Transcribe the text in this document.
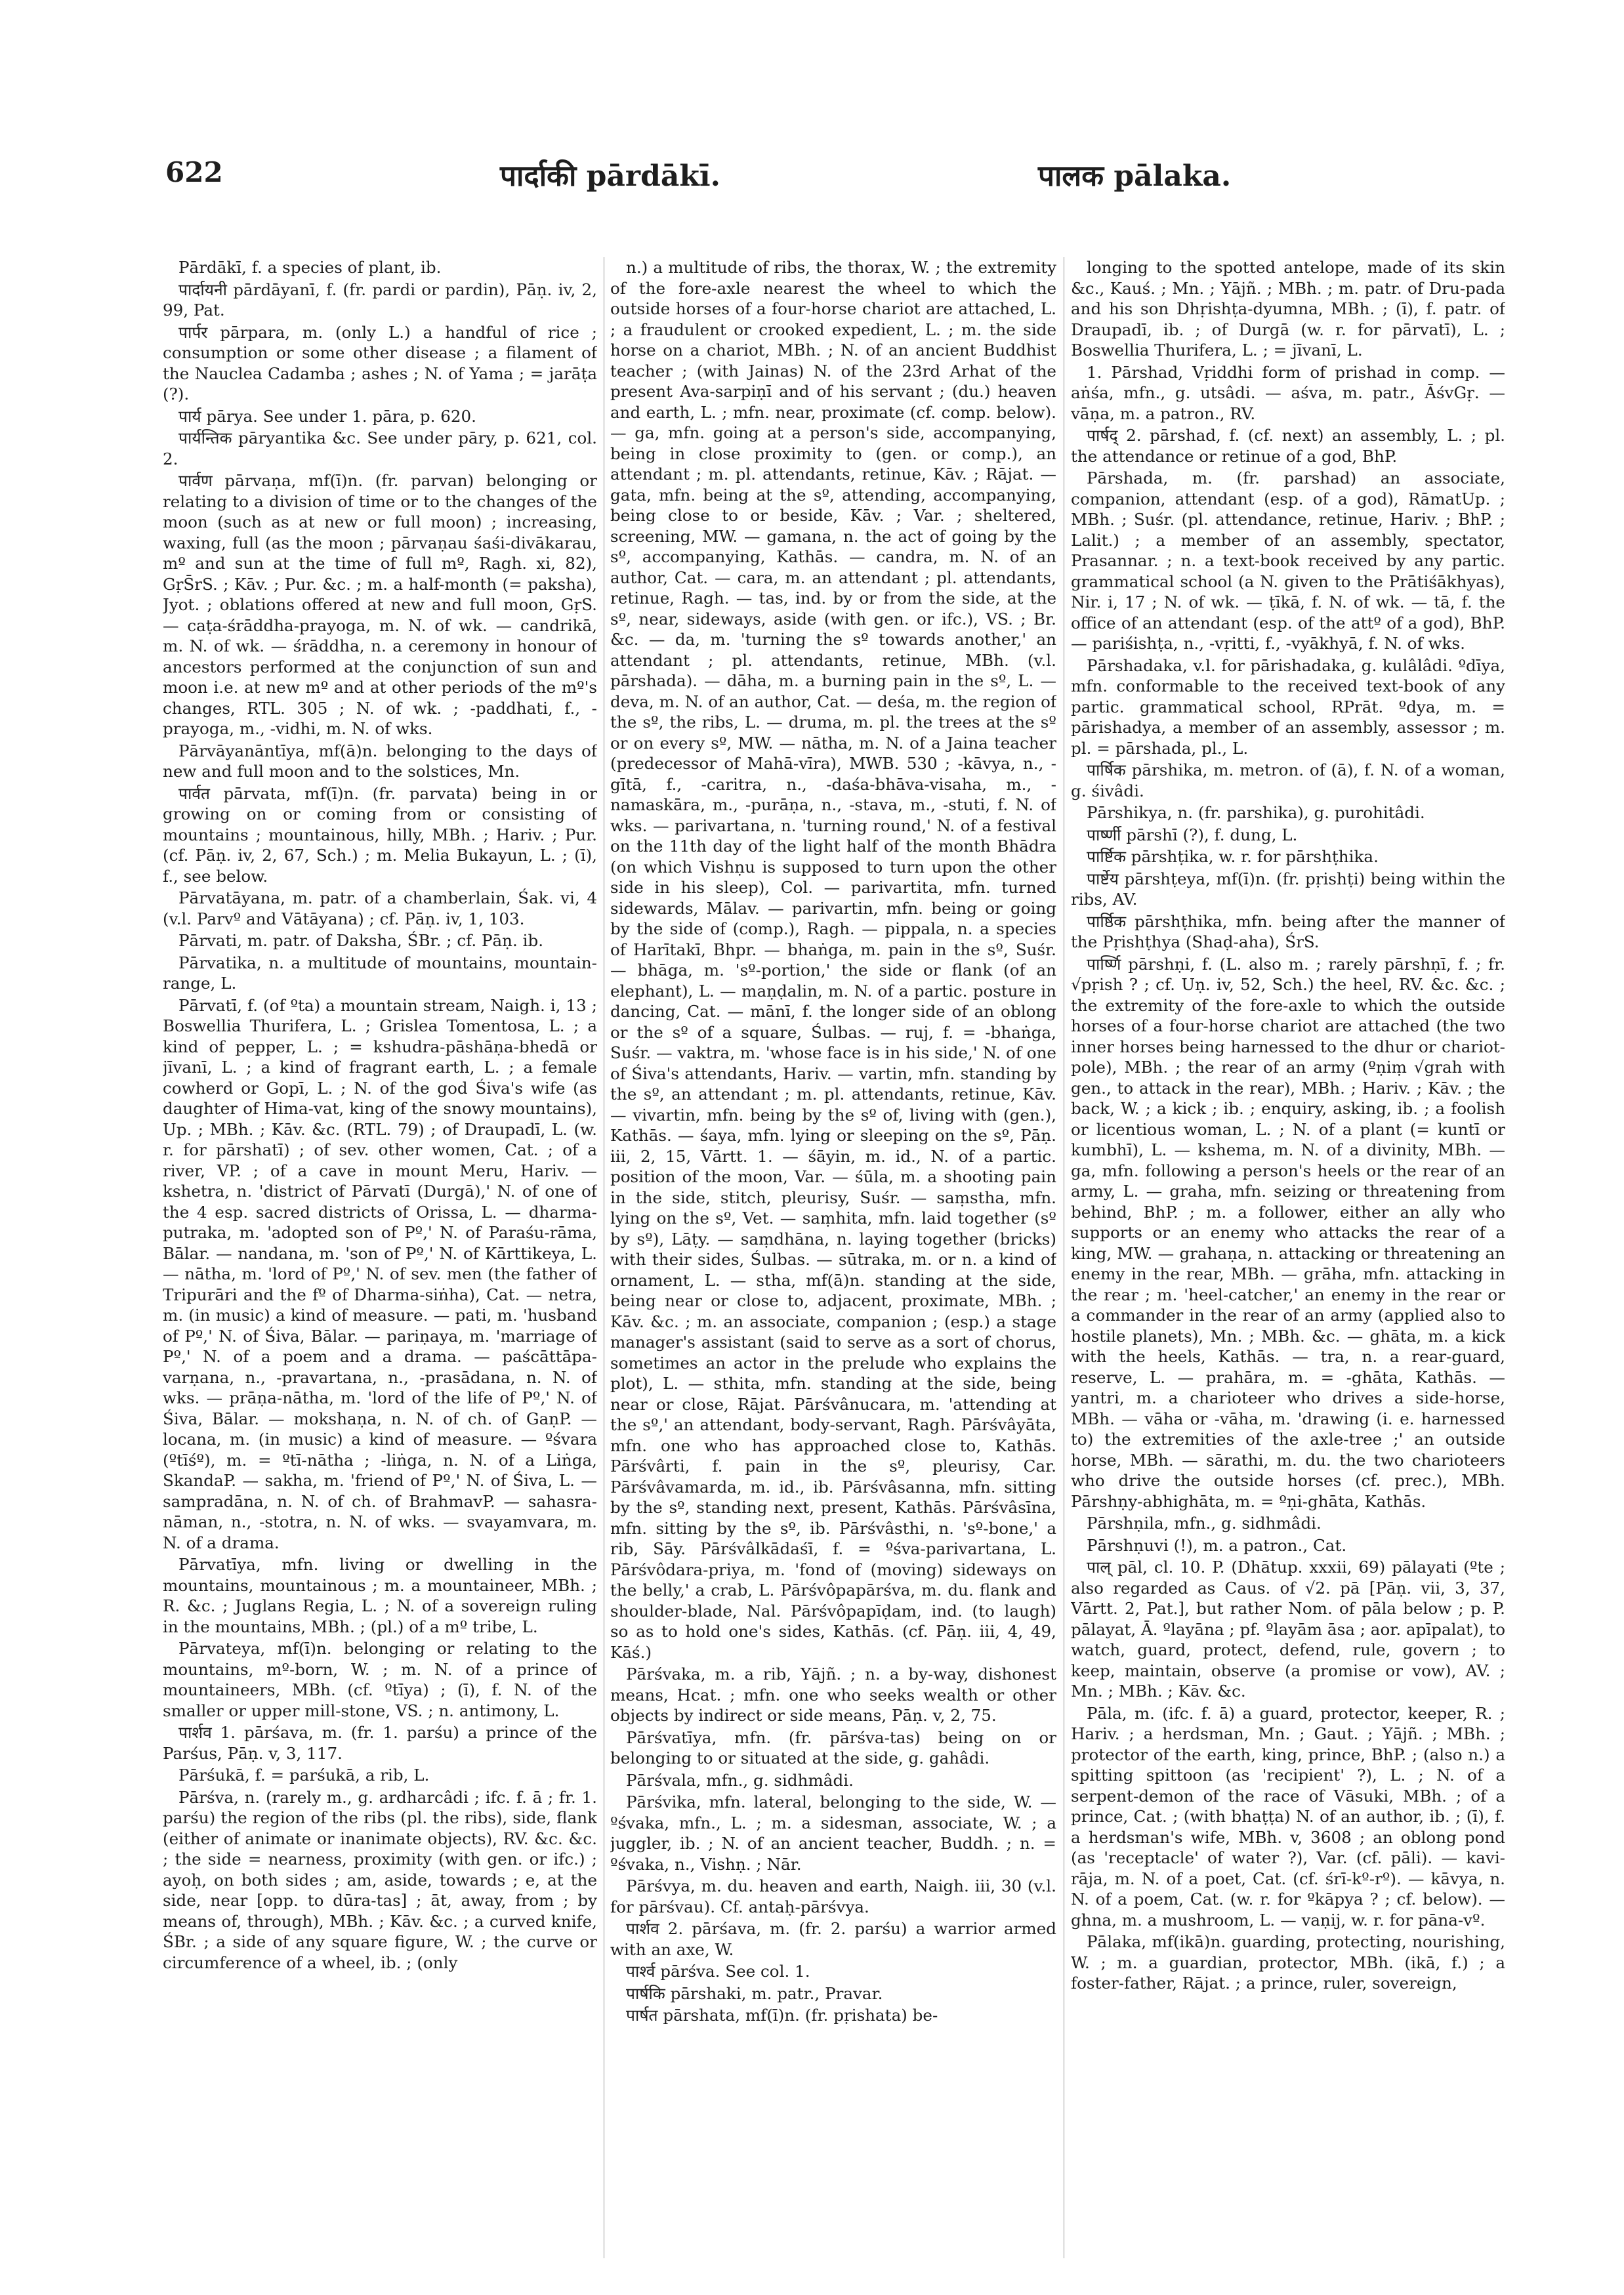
622	पार्दाकी pārdākī.	पालक pālaka.

Pārdākī, f. a species of plant, ib.

पार्दायनी pārdāyanī, f. (fr. pardi or pardin), Pāṇ. iv, 2, 99, Pat.

पार्पर pārpara, m. (only L.) a handful of rice ; consumption or some other disease ; a filament of the Nauclea Cadamba ; ashes ; N. of Yama ; = jarāṭa (?).

पार्य pārya. See under 1. pāra, p. 620.

पार्यन्तिक pāryantika &c. See under pāry, p. 621, col. 2.

पार्वण pārvaṇa, mf(ī)n. (fr. parvan) belonging or relating to a division of time or to the changes of the moon (such as at new or full moon) ; increasing, waxing, full (as the moon ; pārvaṇau śaśi-divākarau, mº and sun at the time of full mº, Ragh. xi, 82), GṛS̄rS. ; Kāv. ; Pur. &c. ; m. a half-month (= paksha), Jyot. ; oblations offered at new and full moon, GṛS. — caṭa-śrāddha-prayoga, m. N. of wk. — candrikā, m. N. of wk. — śrāddha, n. a ceremony in honour of ancestors performed at the conjunction of sun and moon i.e. at new mº and at other periods of the mº's changes, RTL. 305 ; N. of wk. ; -paddhati, f., -prayoga, m., -vidhi, m. N. of wks.

Pārvāyanāntīya, mf(ā)n. belonging to the days of new and full moon and to the solstices, Mn.

पार्वत pārvata, mf(ī)n. (fr. parvata) being in or growing on or coming from or consisting of mountains ; mountainous, hilly, MBh. ; Hariv. ; Pur. (cf. Pāṇ. iv, 2, 67, Sch.) ; m. Melia Bukayun, L. ; (ī), f., see below.

Pārvatāyana, m. patr. of a chamberlain, Śak. vi, 4 (v.l. Parvº and Vātāyana) ; cf. Pāṇ. iv, 1, 103.

Pārvati, m. patr. of Daksha, ŚBr. ; cf. Pāṇ. ib.

Pārvatika, n. a multitude of mountains, mountain-range, L.

Pārvatī, f. (of ºta) a mountain stream, Naigh. i, 13 ; Boswellia Thurifera, L. ; Grislea Tomentosa, L. ; a kind of pepper, L. ; = kshudra-pāshāṇa-bhedā or jīvanī, L. ; a kind of fragrant earth, L. ; a female cowherd or Gopī, L. ; N. of the god Śiva's wife (as daughter of Hima-vat, king of the snowy mountains), Up. ; MBh. ; Kāv. &c. (RTL. 79) ; of Draupadī, L. (w. r. for pārshatī) ; of sev. other women, Cat. ; of a river, VP. ; of a cave in mount Meru, Hariv. — kshetra, n. 'district of Pārvatī (Durgā),' N. of one of the 4 esp. sacred districts of Orissa, L. — dharma-putraka, m. 'adopted son of Pº,' N. of Paraśu-rāma, Bālar. — nandana, m. 'son of Pº,' N. of Kārttikeya, L. — nātha, m. 'lord of Pº,' N. of sev. men (the father of Tripurāri and the fº of Dharma-siṅha), Cat. — netra, m. (in music) a kind of measure. — pati, m. 'husband of Pº,' N. of Śiva, Bālar. — pariṇaya, m. 'marriage of Pº,' N. of a poem and a drama. — paścāttāpa-varṇana, n., -pravartana, n., -prasādana, n. N. of wks. — prāṇa-nātha, m. 'lord of the life of Pº,' N. of Śiva, Bālar. — mokshaṇa, n. N. of ch. of GaṇP. — locana, m. (in music) a kind of measure. — ºśvara (ºtīśº), m. = ºtī-nātha ; -liṅga, n. N. of a Liṅga, SkandaP. — sakha, m. 'friend of Pº,' N. of Śiva, L. — sampradāna, n. N. of ch. of BrahmavP. — sahasra-nāman, n., -stotra, n. N. of wks. — svayamvara, m. N. of a drama.

Pārvatīya, mfn. living or dwelling in the mountains, mountainous ; m. a mountaineer, MBh. ; R. &c. ; Juglans Regia, L. ; N. of a sovereign ruling in the mountains, MBh. ; (pl.) of a mº tribe, L.

Pārvateya, mf(ī)n. belonging or relating to the mountains, mº-born, W. ; m. N. of a prince of mountaineers, MBh. (cf. ºtīya) ; (ī), f. N. of the smaller or upper mill-stone, VS. ; n. antimony, L.

पार्शव 1. pārśava, m. (fr. 1. parśu) a prince of the Parśus, Pāṇ. v, 3, 117.

Pārśukā, f. = parśukā, a rib, L.

Pārśva, n. (rarely m., g. ardharcâdi ; ifc. f. ā ; fr. 1. parśu) the region of the ribs (pl. the ribs), side, flank (either of animate or inanimate objects), RV. &c. &c. ; the side = nearness, proximity (with gen. or ifc.) ; ayoḥ, on both sides ; am, aside, towards ; e, at the side, near [opp. to dūra-tas] ; āt, away, from ; by means of, through), MBh. ; Kāv. &c. ; a curved knife, ŚBr. ; a side of any square figure, W. ; the curve or circumference of a wheel, ib. ; (only

n.) a multitude of ribs, the thorax, W. ; the extremity of the fore-axle nearest the wheel to which the outside horses of a four-horse chariot are attached, L. ; a fraudulent or crooked expedient, L. ; m. the side horse on a chariot, MBh. ; N. of an ancient Buddhist teacher ; (with Jainas) N. of the 23rd Arhat of the present Ava-sarpiṇī and of his servant ; (du.) heaven and earth, L. ; mfn. near, proximate (cf. comp. below). — ga, mfn. going at a person's side, accompanying, being in close proximity to (gen. or comp.), an attendant ; m. pl. attendants, retinue, Kāv. ; Rājat. — gata, mfn. being at the sº, attending, accompanying, being close to or beside, Kāv. ; Var. ; sheltered, screening, MW. — gamana, n. the act of going by the sº, accompanying, Kathās. — candra, m. N. of an author, Cat. — cara, m. an attendant ; pl. attendants, retinue, Ragh. — tas, ind. by or from the side, at the sº, near, sideways, aside (with gen. or ifc.), VS. ; Br. &c. — da, m. 'turning the sº towards another,' an attendant ; pl. attendants, retinue, MBh. (v.l. pārshada). — dāha, m. a burning pain in the sº, L. — deva, m. N. of an author, Cat. — deśa, m. the region of the sº, the ribs, L. — druma, m. pl. the trees at the sº or on every sº, MW. — nātha, m. N. of a Jaina teacher (predecessor of Mahā-vīra), MWB. 530 ; -kāvya, n., -gītā, f., -caritra, n., -daśa-bhāva-visaha, m., -namaskāra, m., -purāṇa, n., -stava, m., -stuti, f. N. of wks. — parivartana, n. 'turning round,' N. of a festival on the 11th day of the light half of the month Bhādra (on which Vishṇu is supposed to turn upon the other side in his sleep), Col. — parivartita, mfn. turned sidewards, Mālav. — parivartin, mfn. being or going by the side of (comp.), Ragh. — pippala, n. a species of Harītakī, Bhpr. — bhaṅga, m. pain in the sº, Suśr. — bhāga, m. 'sº-portion,' the side or flank (of an elephant), L. — maṇḍalin, m. N. of a partic. posture in dancing, Cat. — mānī, f. the longer side of an oblong or the sº of a square, Śulbas. — ruj, f. = -bhaṅga, Suśr. — vaktra, m. 'whose face is in his side,' N. of one of Śiva's attendants, Hariv. — vartin, mfn. standing by the sº, an attendant ; m. pl. attendants, retinue, Kāv. — vivartin, mfn. being by the sº of, living with (gen.), Kathās. — śaya, mfn. lying or sleeping on the sº, Pāṇ. iii, 2, 15, Vārtt. 1. — śāyin, m. id., N. of a partic. position of the moon, Var. — śūla, m. a shooting pain in the side, stitch, pleurisy, Suśr. — saṃstha, mfn. lying on the sº, Vet. — saṃhita, mfn. laid together (sº by sº), Lāṭy. — saṃdhāna, n. laying together (bricks) with their sides, Śulbas. — sūtraka, m. or n. a kind of ornament, L. — stha, mf(ā)n. standing at the side, being near or close to, adjacent, proximate, MBh. ; Kāv. &c. ; m. an associate, companion ; (esp.) a stage manager's assistant (said to serve as a sort of chorus, sometimes an actor in the prelude who explains the plot), L. — sthita, mfn. standing at the side, being near or close, Rājat. Pārśvânucara, m. 'attending at the sº,' an attendant, body-servant, Ragh. Pārśvâyāta, mfn. one who has approached close to, Kathās. Pārśvârti, f. pain in the sº, pleurisy, Car. Pārśvâvamarda, m. id., ib. Pārśvâsanna, mfn. sitting by the sº, standing next, present, Kathās. Pārśvâsīna, mfn. sitting by the sº, ib. Pārśvâsthi, n. 'sº-bone,' a rib, Sāy. Pārśvâlkādaśī, f. = ºśva-parivartana, L. Pārśvôdara-priya, m. 'fond of (moving) sideways on the belly,' a crab, L. Pārśvôpapārśva, m. du. flank and shoulder-blade, Nal. Pārśvôpapīḍam, ind. (to laugh) so as to hold one's sides, Kathās. (cf. Pāṇ. iii, 4, 49, Kāś.)

Pārśvaka, m. a rib, Yājñ. ; n. a by-way, dishonest means, Hcat. ; mfn. one who seeks wealth or other objects by indirect or side means, Pāṇ. v, 2, 75.

Pārśvatīya, mfn. (fr. pārśva-tas) being on or belonging to or situated at the side, g. gahâdi.

Pārśvala, mfn., g. sidhmâdi.

Pārśvika, mfn. lateral, belonging to the side, W. — ºśvaka, mfn., L. ; m. a sidesman, associate, W. ; a juggler, ib. ; N. of an ancient teacher, Buddh. ; n. = ºśvaka, n., Vishṇ. ; Nār.

Pārśvya, m. du. heaven and earth, Naigh. iii, 30 (v.l. for pārśvau). Cf. antaḥ-pārśvya.

पार्शव 2. pārśava, m. (fr. 2. parśu) a warrior armed with an axe, W.

पार्श्व pārśva. See col. 1.

पार्षकि pārshaki, m. patr., Pravar.

पार्षत pārshata, mf(ī)n. (fr. pṛishata) be-

longing to the spotted antelope, made of its skin &c., Kauś. ; Mn. ; Yājñ. ; MBh. ; m. patr. of Dru-pada and his son Dhṛishṭa-dyumna, MBh. ; (ī), f. patr. of Draupadī, ib. ; of Durgā (w. r. for pārvatī), L. ; Boswellia Thurifera, L. ; = jīvanī, L.

1. Pārshad, Vṛiddhi form of prishad in comp. — aṅśa, mfn., g. utsâdi. — aśva, m. patr., ĀśvGṛ. — vāṇa, m. a patron., RV.

पार्षद् 2. pārshad, f. (cf. next) an assembly, L. ; pl. the attendance or retinue of a god, BhP.

Pārshada, m. (fr. parshad) an associate, companion, attendant (esp. of a god), RāmatUp. ; MBh. ; Suśr. (pl. attendance, retinue, Hariv. ; BhP. ; Lalit.) ; a member of an assembly, spectator, Prasannar. ; n. a text-book received by any partic. grammatical school (a N. given to the Prātiśākhyas), Nir. i, 17 ; N. of wk. — ṭīkā, f. N. of wk. — tā, f. the office of an attendant (esp. of the attº of a god), BhP. — pariśishṭa, n., -vṛitti, f., -vyākhyā, f. N. of wks.

Pārshadaka, v.l. for pārishadaka, g. kulâlâdi. ºdīya, mfn. conformable to the received text-book of any partic. grammatical school, RPrāt. ºdya, m. = pārishadya, a member of an assembly, assessor ; m. pl. = pārshada, pl., L.

पार्षिक pārshika, m. metron. of (ā), f. N. of a woman, g. śivâdi.

Pārshikya, n. (fr. parshika), g. purohitâdi.

पार्ष्णी pārshī (?), f. dung, L.

पार्ष्टिक pārshṭika, w. r. for pārshṭhika.

पार्ष्टेय pārshṭeya, mf(ī)n. (fr. pṛishṭi) being within the ribs, AV.

पार्ष्ठिक pārshṭhika, mfn. being after the manner of the Pṛishṭhya (Shaḍ-aha), ŚrS.

पार्ष्णि pārshṇi, f. (L. also m. ; rarely pārshṇī, f. ; fr. √pṛish ? ; cf. Uṇ. iv, 52, Sch.) the heel, RV. &c. &c. ; the extremity of the fore-axle to which the outside horses of a four-horse chariot are attached (the two inner horses being harnessed to the dhur or chariot-pole), MBh. ; the rear of an army (ºṇiṃ √grah with gen., to attack in the rear), MBh. ; Hariv. ; Kāv. ; the back, W. ; a kick ; ib. ; enquiry, asking, ib. ; a foolish or licentious woman, L. ; N. of a plant (= kuntī or kumbhī), L. — kshema, m. N. of a divinity, MBh. — ga, mfn. following a person's heels or the rear of an army, L. — graha, mfn. seizing or threatening from behind, BhP. ; m. a follower, either an ally who supports or an enemy who attacks the rear of a king, MW. — grahaṇa, n. attacking or threatening an enemy in the rear, MBh. — grāha, mfn. attacking in the rear ; m. 'heel-catcher,' an enemy in the rear or a commander in the rear of an army (applied also to hostile planets), Mn. ; MBh. &c. — ghāta, m. a kick with the heels, Kathās. — tra, n. a rear-guard, reserve, L. — prahāra, m. = -ghāta, Kathās. — yantri, m. a charioteer who drives a side-horse, MBh. — vāha or -vāha, m. 'drawing (i. e. harnessed to) the extremities of the axle-tree ;' an outside horse, MBh. — sārathi, m. du. the two charioteers who drive the outside horses (cf. prec.), MBh. Pārshṇy-abhighāta, m. = ºṇi-ghāta, Kathās.

Pārshṇila, mfn., g. sidhmâdi.

Pārshṇuvi (!), m. a patron., Cat.

पाल् pāl, cl. 10. P. (Dhātup. xxxii, 69) pālayati (ºte ; also regarded as Caus. of √2. pā [Pāṇ. vii, 3, 37, Vārtt. 2, Pat.], but rather Nom. of pāla below ; p. P. pālayat, Ā. ºlayāna ; pf. ºlayām āsa ; aor. apīpalat), to watch, guard, protect, defend, rule, govern ; to keep, maintain, observe (a promise or vow), AV. ; Mn. ; MBh. ; Kāv. &c.

Pāla, m. (ifc. f. ā) a guard, protector, keeper, R. ; Hariv. ; a herdsman, Mn. ; Gaut. ; Yājñ. ; MBh. ; protector of the earth, king, prince, BhP. ; (also n.) a spitting spittoon (as 'recipient' ?), L. ; N. of a serpent-demon of the race of Vāsuki, MBh. ; of a prince, Cat. ; (with bhaṭṭa) N. of an author, ib. ; (ī), f. a herdsman's wife, MBh. v, 3608 ; an oblong pond (as 'receptacle' of water ?), Var. (cf. pāli). — kavi-rāja, m. N. of a poet, Cat. (cf. śrī-kº-rº). — kāvya, n. N. of a poem, Cat. (w. r. for ºkāpya ? ; cf. below). — ghna, m. a mushroom, L. — vaṇij, w. r. for pāna-vº.

Pālaka, mf(ikā)n. guarding, protecting, nourishing, W. ; m. a guardian, protector, MBh. (ikā, f.) ; a foster-father, Rājat. ; a prince, ruler, sovereign,
